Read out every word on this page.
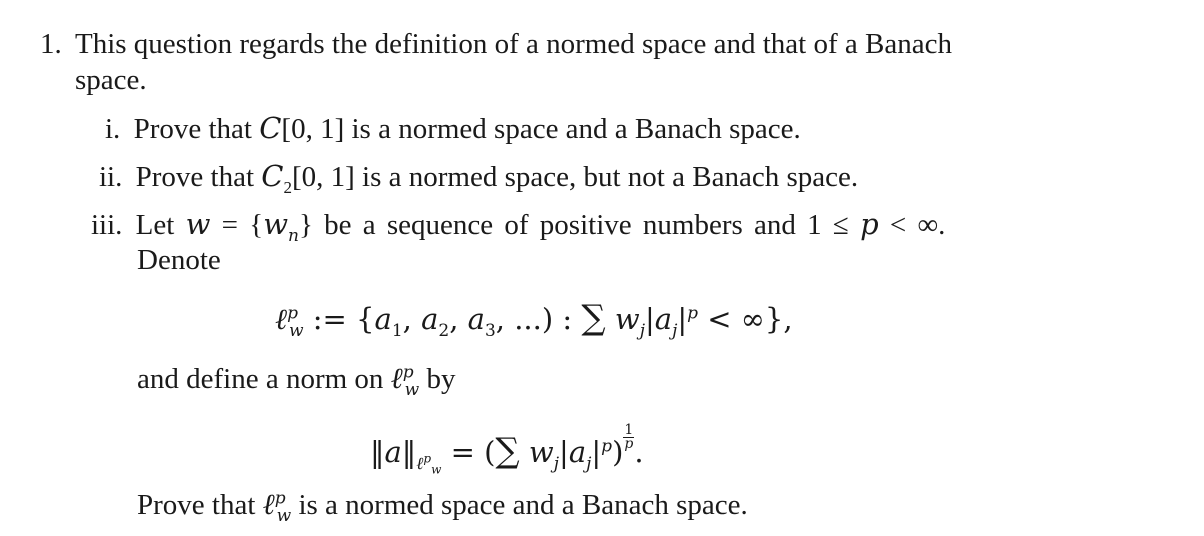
1. This question regards the definition of a normed space and that of a Banach
space.
i. Prove that C[0, 1] is a normed space and a Banach space.
ii. Prove that $C_2[0$, 1] is a normed space, but not a Banach space.
iii. Let $w = \{w_n\}$ be a sequence of positive numbers and 1 ≤ p < ∞.
Denote
ℓ$^p_w$ := {$a_1$, $a_2$, $a_3$, ...) : ∑ $w_j|a_j|^p$ < ∞},
and define a norm on ℓ$^p_w$ by
$‖a‖_{\ell^p_w}$ = (∑ $w_j|a_j|^p) \frac{1}{p}$ .
Prove that ℓ$^p_w$ is a normed space and a Banach space.
